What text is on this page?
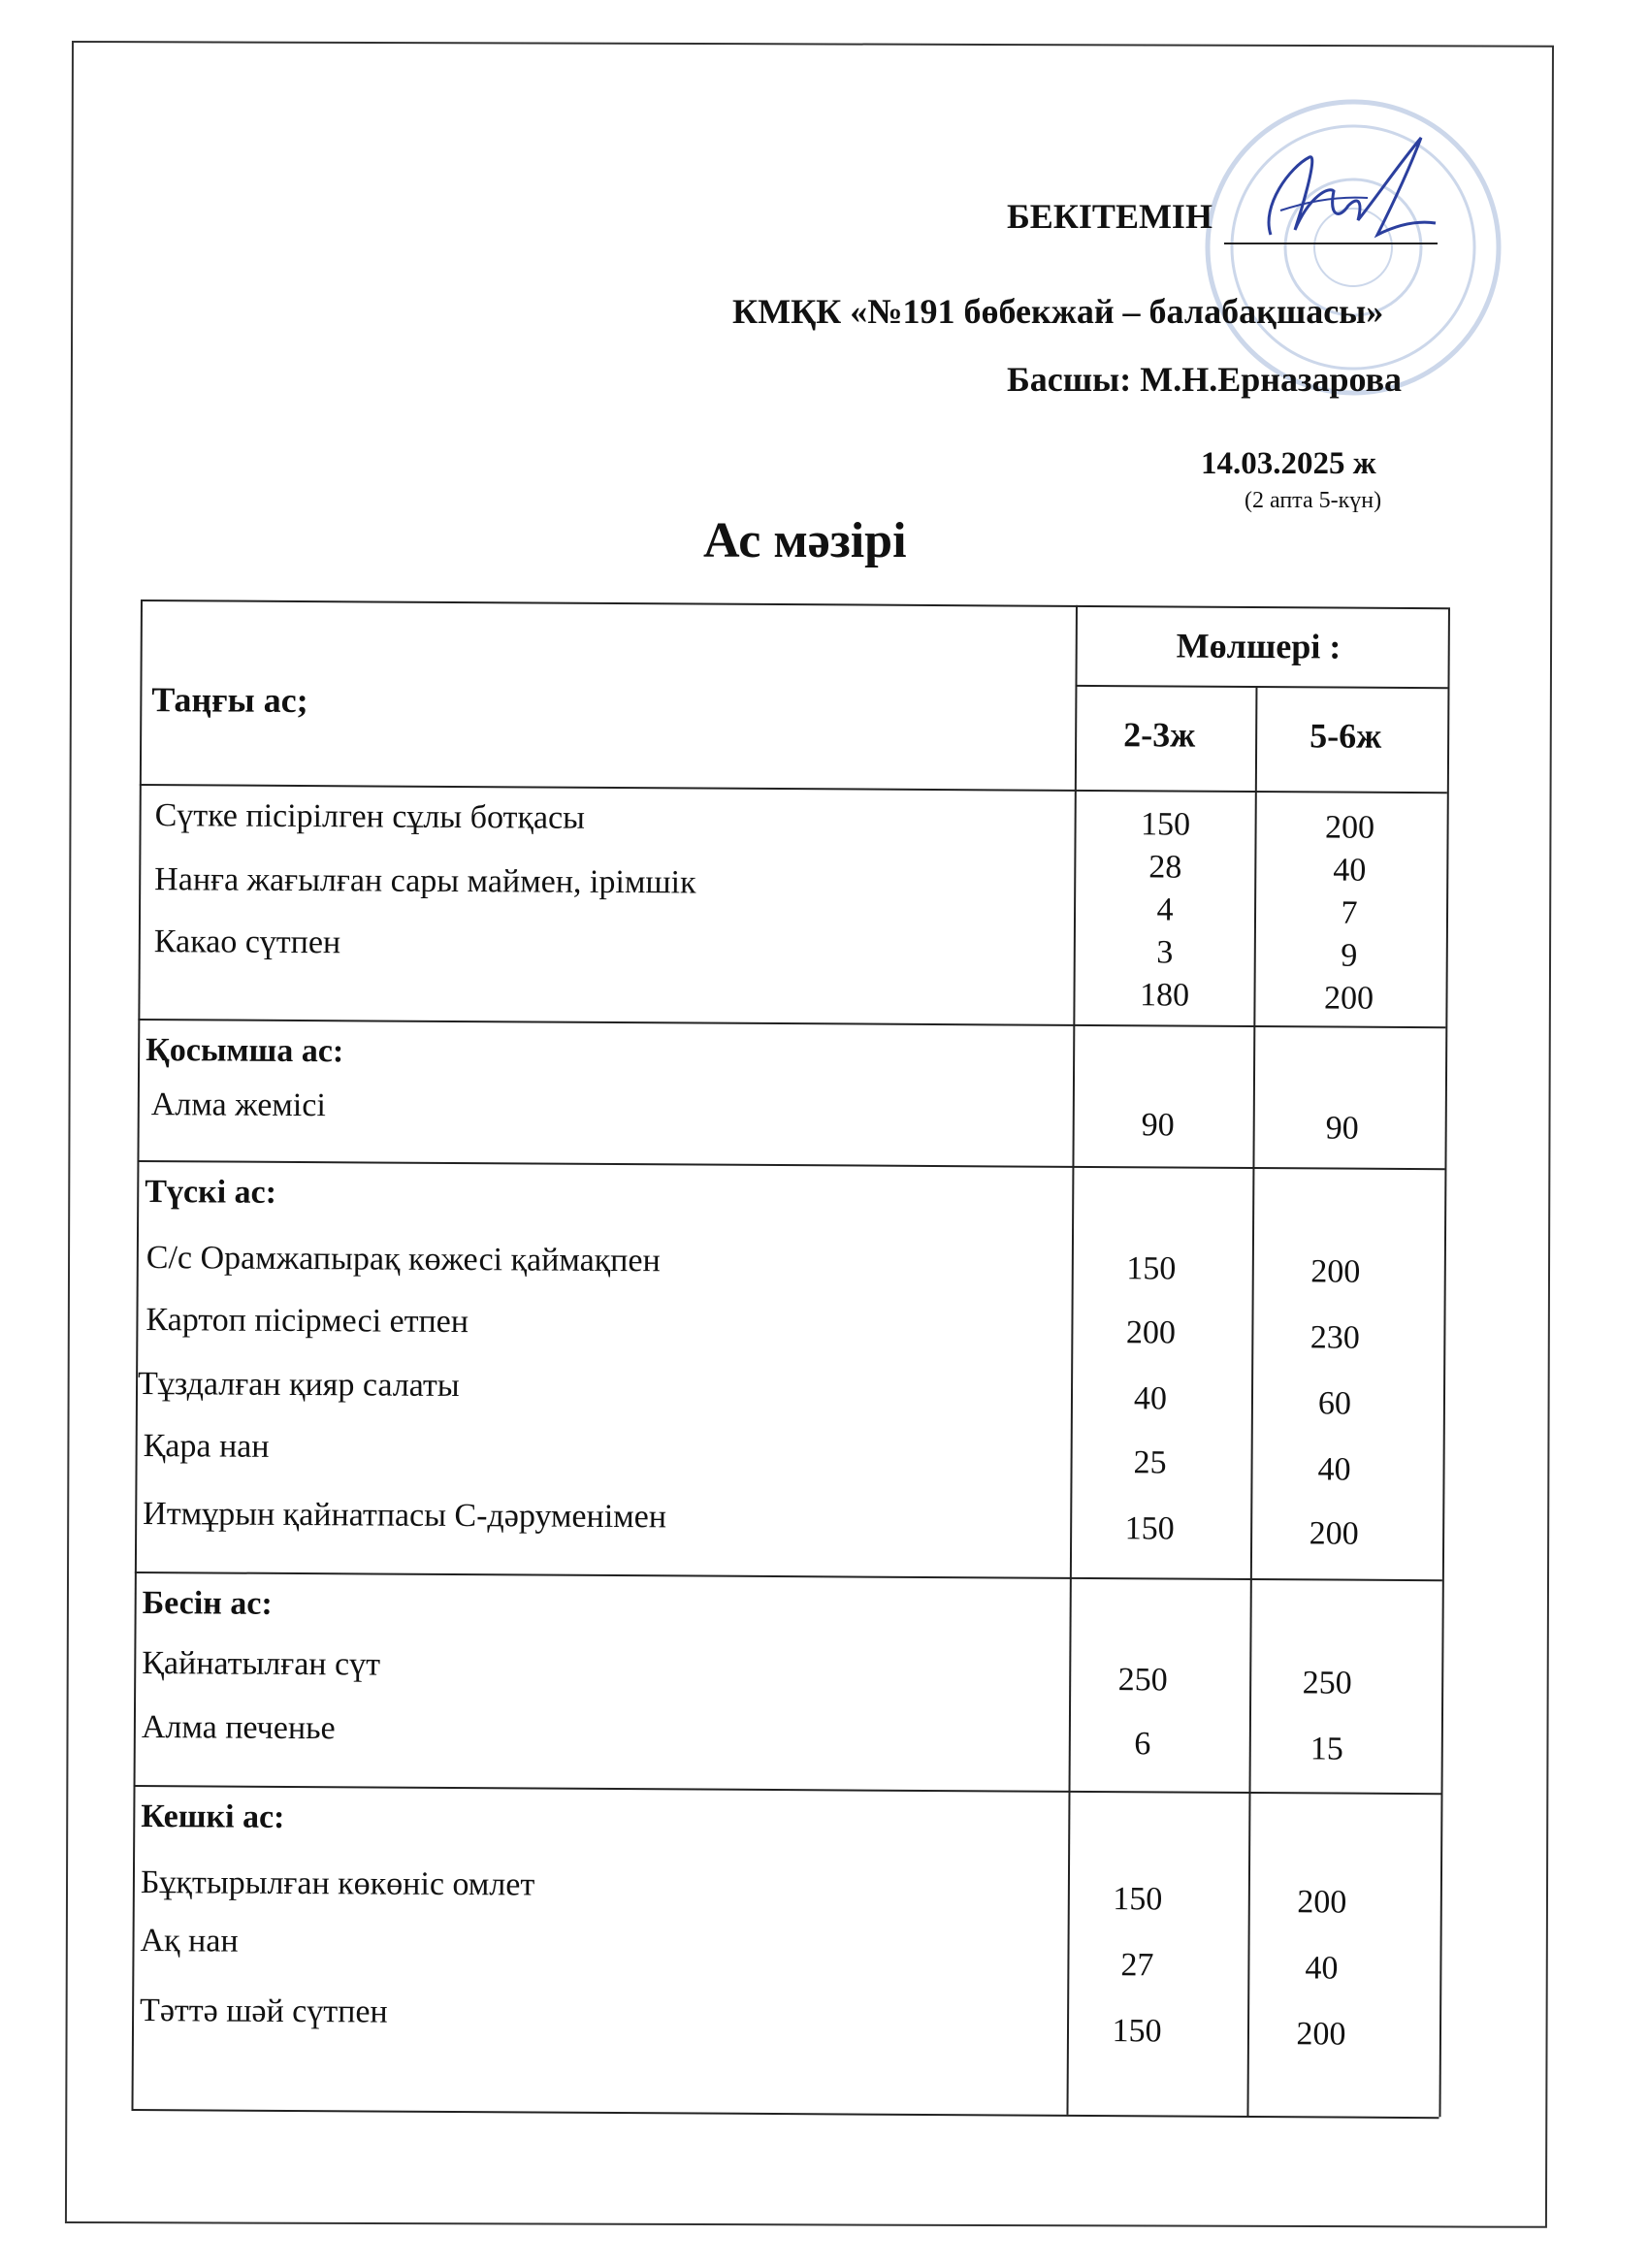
БЕКІТЕМІН
КМҚК «№191 бөбекжай – балабақшасы»
Басшы: М.Н.Ерназарова
14.03.2025 ж
(2 апта 5-күн)
Ас мәзірі
Таңғы ас;
Мөлшері :
2-3ж	5-6ж
Сүтке пісірілген сұлы ботқасы
Нанға жағылған сары маймен, ірімшік
Какао сүтпен
150
28
4
3
180
200
40
7
9
200
Қосымша ас:
Алма жемісі
90	90
Түскі ас:
С/с Орамжапырақ көжесі қаймақпен
Картоп пісірмесі етпен
Тұздалған қияр салаты
Қара нан
Итмұрын қайнатпасы С-дәруменімен
150
200
40
25
150
200
230
60
40
200
Бесін ас:
Қайнатылған сүт
Алма печенье
250
6
250
15
Кешкі ас:
Бұқтырылған көкөніс омлет
Ақ нан
Тәттә шәй сүтпен
150
27
150
200
40
200
